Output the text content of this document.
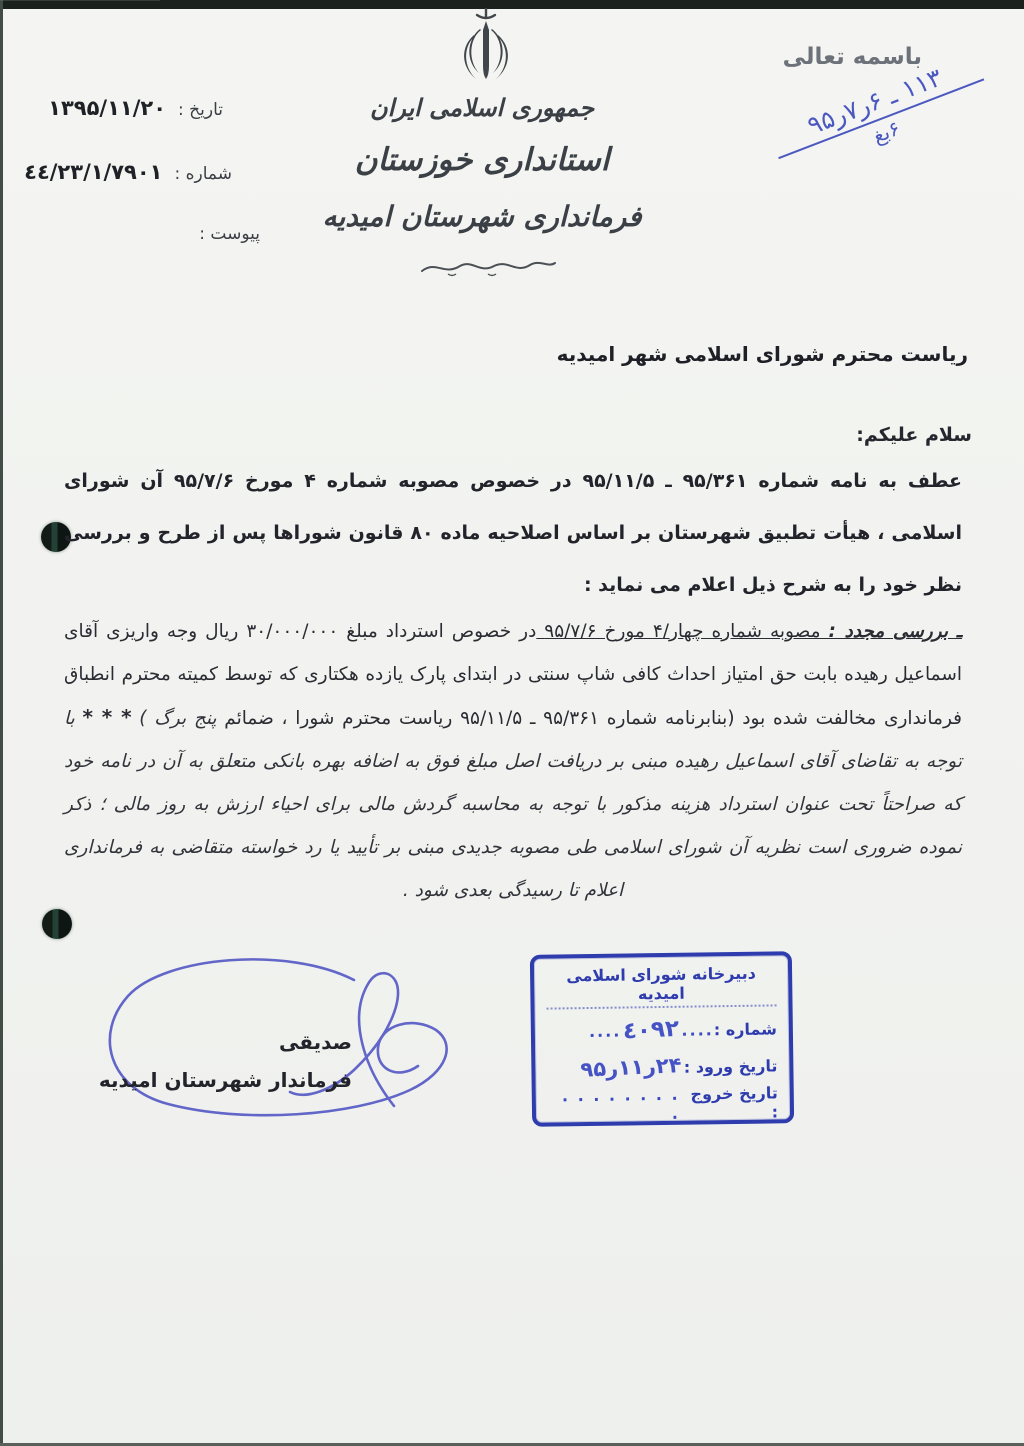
جمهوری اسلامی ایران
استانداری خوزستان
فرمانداری شهرستان امیدیه
تاریخ :
۱۳۹۵/۱۱/۲۰
شماره :
٤٤/٢٣/١/٧٩٠١
پیوست :
باسمه تعالی
۱۱۳ ـ ۶ر۷ر۹۵
۶بغ
ریاست محترم شورای اسلامی شهر امیدیه
سلام علیکم:
عطف به نامه شماره ۹۵/۳۶۱ ـ ۹۵/۱۱/۵ در خصوص مصوبه شماره ۴ مورخ ۹۵/۷/۶ آن شورای اسلامی ، هیأت تطبیق شهرستان بر اساس اصلاحیه ماده ۸۰ قانون شوراها پس از طرح و بررسی نظر خود را به شرح ذیل اعلام می نماید :
ـ بررسی مجدد : مصوبه شماره چهار/۴ مورخ ۹۵/۷/۶ در خصوص استرداد مبلغ ۳۰/۰۰۰/۰۰۰ ریال وجه واریزی آقای اسماعیل رهیده بابت حق امتیاز احداث کافی شاپ سنتی در ابتدای پارک یازده هکتاری که توسط کمیته محترم انطباق فرمانداری مخالفت شده بود (بنابرنامه شماره ۹۵/۳۶۱ ـ ۹۵/۱۱/۵ ریاست محترم شورا ، ضمائم پنج برگ ) * * * با توجه به تقاضای آقای اسماعیل رهیده مبنی بر دریافت اصل مبلغ فوق به اضافه بهره بانکی متعلق به آن در نامه خود که صراحتاً تحت عنوان استرداد هزینه مذکور با توجه به محاسبه گردش مالی برای احیاء ارزش به روز مالی ؛ ذکر نموده ضروری است نظریه آن شورای اسلامی طی مصوبه جدیدی مبنی بر تأیید یا رد خواسته متقاضی به فرمانداری اعلام تا رسیدگی بعدی شود .
صدیقی
فرماندار شهرستان امیدیه
دبیرخانه شورای اسلامی امیدیه
شماره :
....
٤٠٩٢
....
تاریخ ورود :
۲۴ر۱۱ر۹۵
تاریخ خروج :
. . . . . . . . .
